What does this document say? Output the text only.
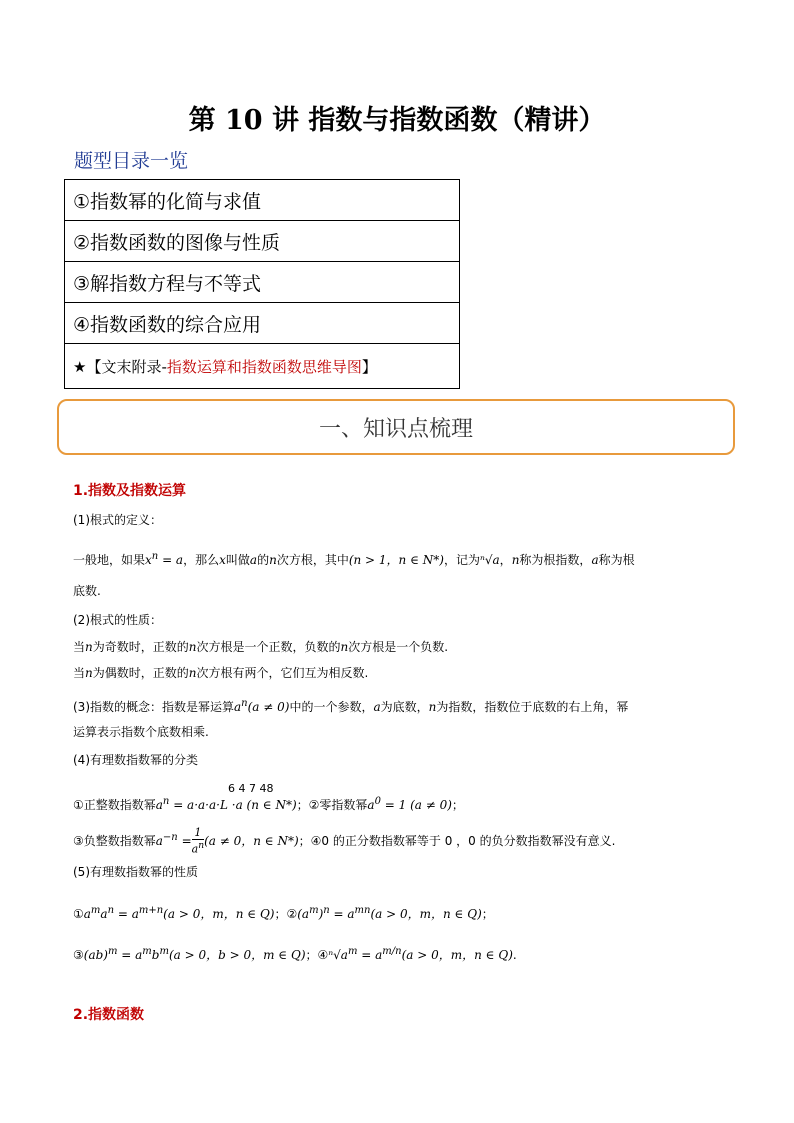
第 10 讲 指数与指数函数（精讲）
题型目录一览
①指数幂的化简与求值
②指数函数的图像与性质
③解指数方程与不等式
④指数函数的综合应用
★【文末附录- 指数运算和指数函数思维导图 】
一、知识点梳理
1.指数及指数运算
(1)根式的定义：
一般地，如果$x^n = a$，那么x叫做a的n次方根，其中(n > 1，n ∈ N*)，记为ⁿ√a，n称为根指数，a称为根
底数.
(2)根式的性质：
当n为奇数时，正数的n次方根是一个正数，负数的n次方根是一个负数.
当n为偶数时，正数的n次方根有两个，它们互为相反数.
(3)指数的概念：指数是幂运算$a^n(a \ne 0)$中的一个参数，a为底数，n为指数，指数位于底数的右上角，幂
运算表示指数个底数相乘.
(4)有理数指数幂的分类
6 4 7 48
①正整数指数幂$a^n = a\cdot a\cdot a\cdot L \cdot a$ (n ∈ N*)；②零指数幂$a^0 = 1$ (a ≠ 0)；
③负整数指数幂$a^{-n} = \frac{1}{a^n} (a \ne 0$，n ∈ N*)；④0 的正分数指数幂等于 0 ，0 的负分数指数幂没有意义.
(5)有理数指数幂的性质
$①a^ma^n = a^{m+n}(a > 0$，m，n ∈ Q)；$②(a^m)^n = a^{mn}(a > 0$，m，n ∈ Q)；
③(ab)$^m$ = $a^mb^m(a > 0$，b > 0，m ∈ Q)；$④^n√a^m = a^{m/n}(a > 0$，m，n ∈ Q).
2.指数函数
